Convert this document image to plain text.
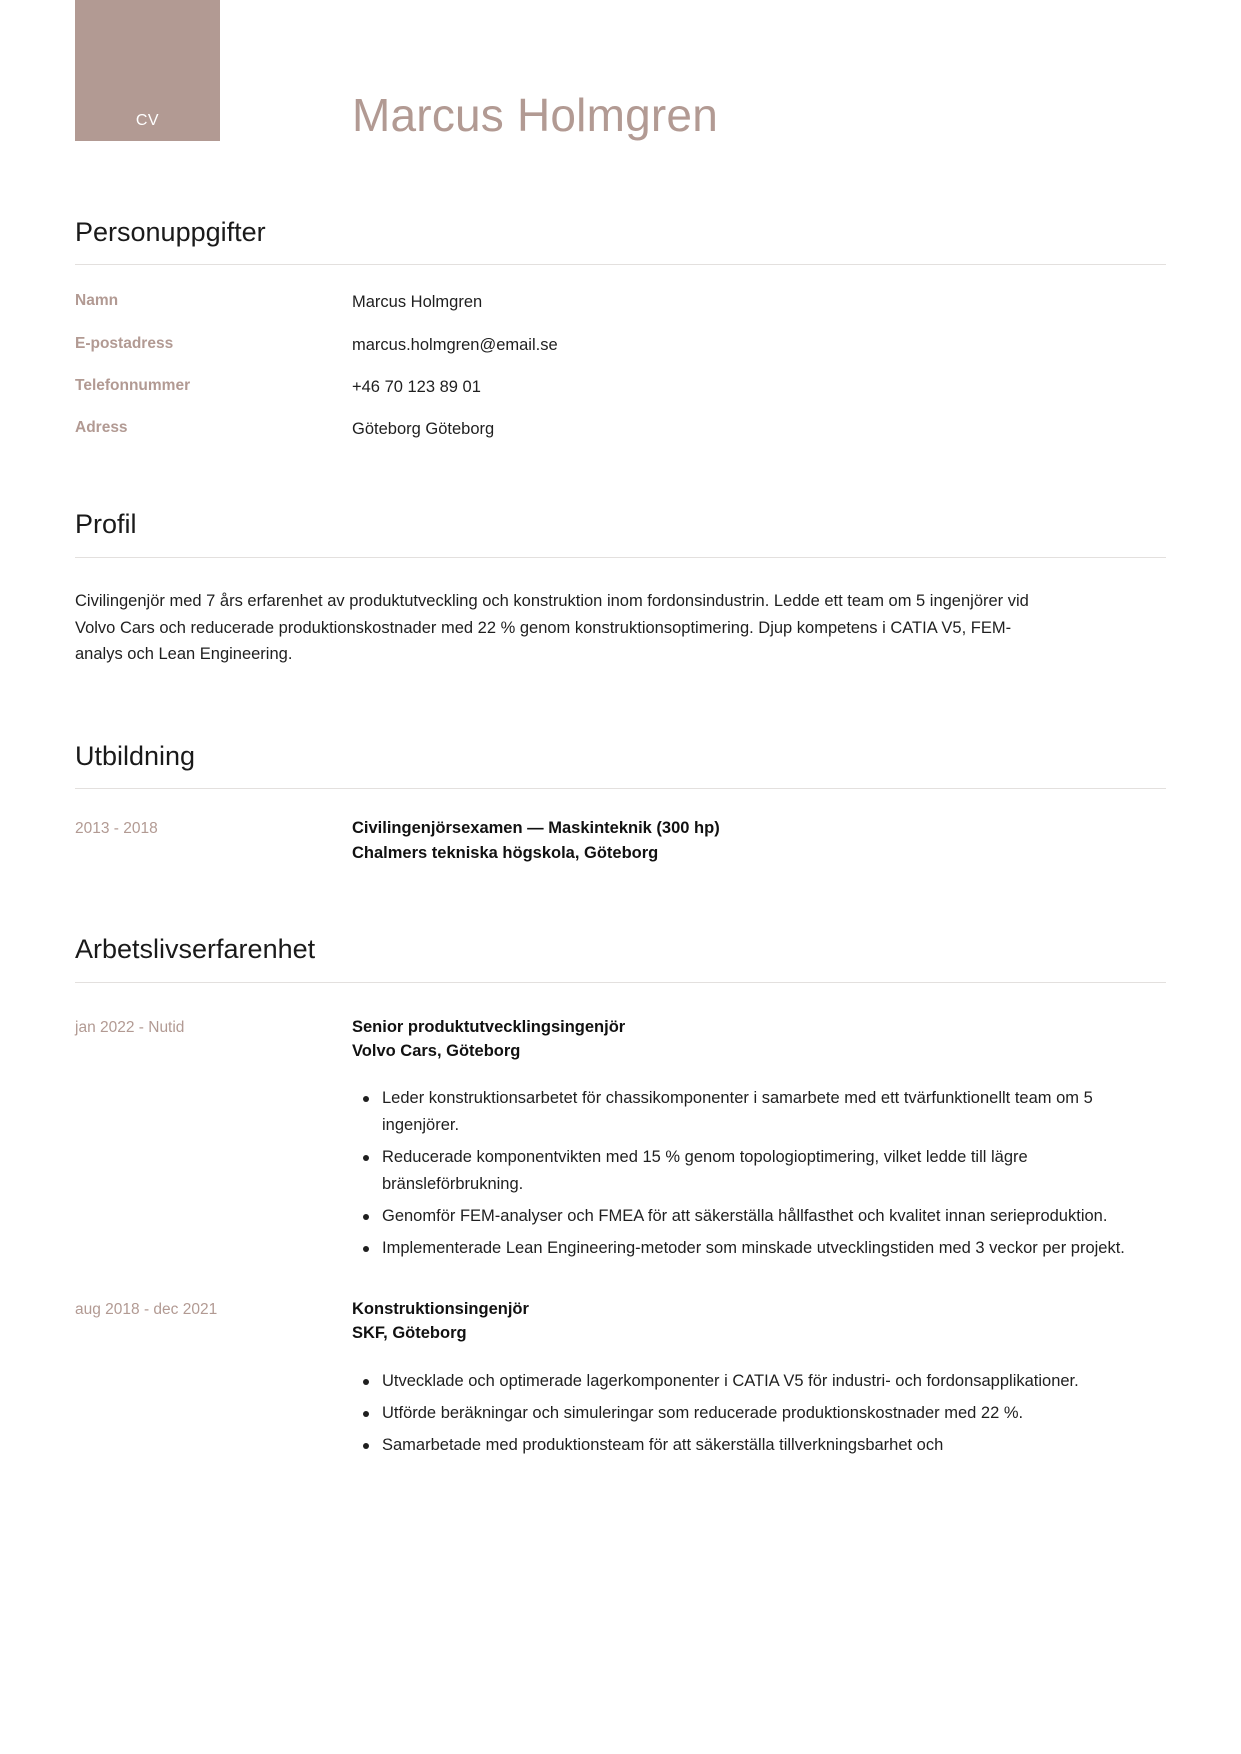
CV	Marcus Holmgren
Personuppgifter
Namn	Marcus Holmgren
E-postadress	marcus.holmgren@email.se
Telefonnummer	+46 70 123 89 01
Adress	Göteborg Göteborg
Profil

Civilingenjör med 7 års erfarenhet av produktutveckling och konstruktion inom fordonsindustrin. Ledde ett team om 5 ingenjörer vid Volvo Cars och reducerade produktionskostnader med 22 % genom konstruktionsoptimering. Djup kompetens i CATIA V5, FEM-analys och Lean Engineering.

Utbildning
2013 - 2018	Civilingenjörsexamen — Maskinteknik (300 hp)
Chalmers tekniska högskola, Göteborg
Arbetslivserfarenhet
jan 2022 - Nutid	Senior produktutvecklingsingenjör
Volvo Cars, Göteborg
Leder konstruktionsarbetet för chassikomponenter i samarbete med ett tvärfunktionellt team om 5 ingenjörer.
Reducerade komponentvikten med 15 % genom topologioptimering, vilket ledde till lägre bränsleförbrukning.
Genomför FEM-analyser och FMEA för att säkerställa hållfasthet och kvalitet innan serieproduktion.
Implementerade Lean Engineering-metoder som minskade utvecklingstiden med 3 veckor per projekt.
aug 2018 - dec 2021	Konstruktionsingenjör
SKF, Göteborg
Utvecklade och optimerade lagerkomponenter i CATIA V5 för industri- och fordonsapplikationer.
Utförde beräkningar och simuleringar som reducerade produktionskostnader med 22 %.
Samarbetade med produktionsteam för att säkerställa tillverkningsbarhet och
